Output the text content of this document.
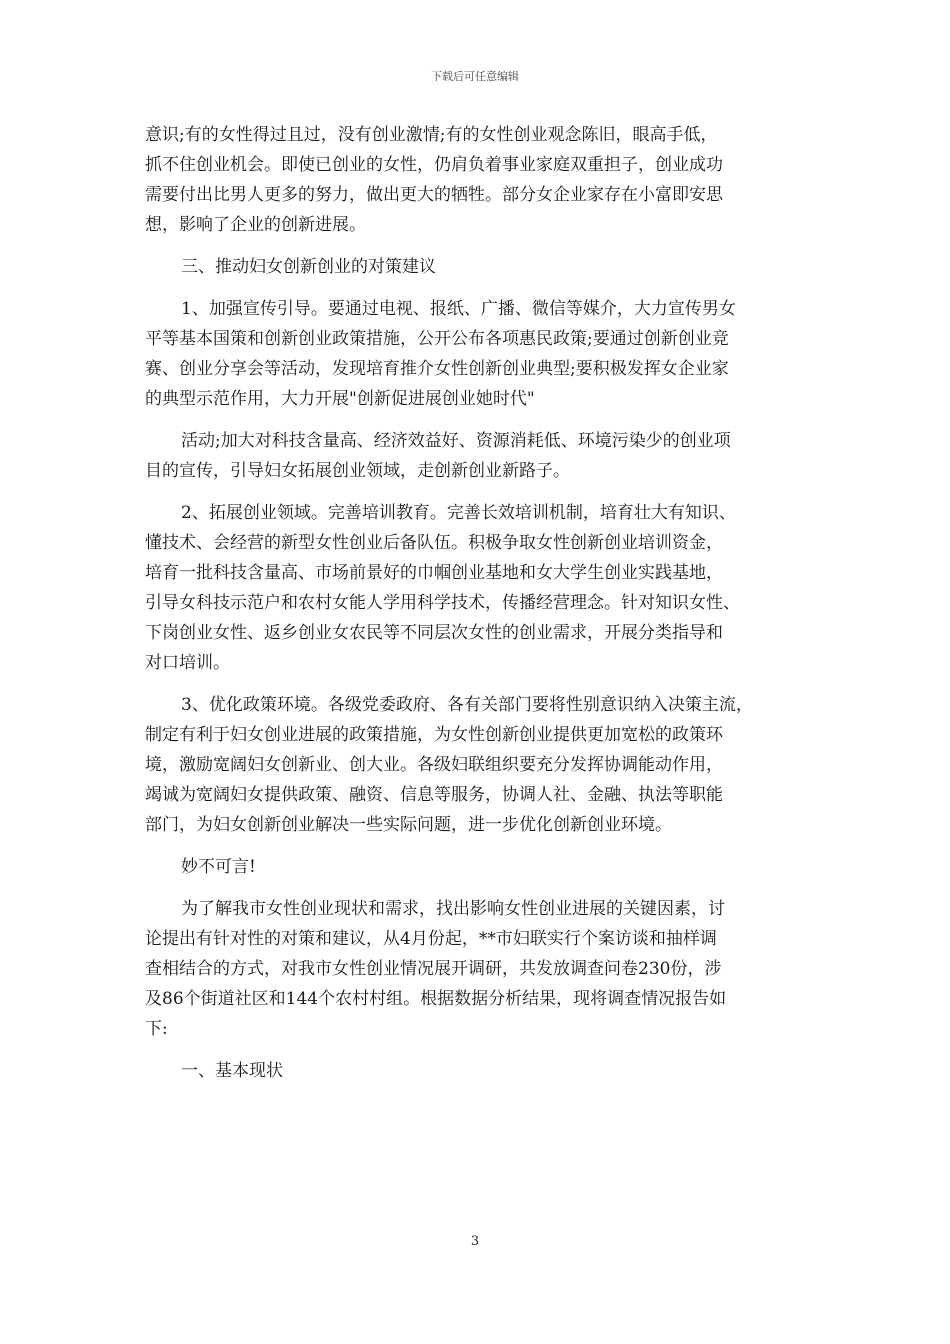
下载后可任意编辑
意识;有的女性得过且过，没有创业激情;有的女性创业观念陈旧，眼高手低，
抓不住创业机会。即使已创业的女性，仍肩负着事业家庭双重担子，创业成功
需要付出比男人更多的努力，做出更大的牺牲。部分女企业家存在小富即安思
想，影响了企业的创新进展。
三、推动妇女创新创业的对策建议
1、加强宣传引导。要通过电视、报纸、广播、微信等媒介，大力宣传男女
平等基本国策和创新创业政策措施，公开公布各项惠民政策;要通过创新创业竞
赛、创业分享会等活动，发现培育推介女性创新创业典型;要积极发挥女企业家
的典型示范作用，大力开展"创新促进展创业她时代"
活动;加大对科技含量高、经济效益好、资源消耗低、环境污染少的创业项
目的宣传，引导妇女拓展创业领域，走创新创业新路子。
2、拓展创业领域。完善培训教育。完善长效培训机制，培育壮大有知识、
懂技术、会经营的新型女性创业后备队伍。积极争取女性创新创业培训资金，
培育一批科技含量高、市场前景好的巾帼创业基地和女大学生创业实践基地，
引导女科技示范户和农村女能人学用科学技术，传播经营理念。针对知识女性、
下岗创业女性、返乡创业女农民等不同层次女性的创业需求，开展分类指导和
对口培训。
3、优化政策环境。各级党委政府、各有关部门要将性别意识纳入决策主流，
制定有利于妇女创业进展的政策措施，为女性创新创业提供更加宽松的政策环
境，激励宽阔妇女创新业、创大业。各级妇联组织要充分发挥协调能动作用，
竭诚为宽阔妇女提供政策、融资、信息等服务，协调人社、金融、执法等职能
部门，为妇女创新创业解决一些实际问题，进一步优化创新创业环境。
妙不可言!
为了解我市女性创业现状和需求，找出影响女性创业进展的关键因素，讨
论提出有针对性的对策和建议，从4月份起，**市妇联实行个案访谈和抽样调
查相结合的方式，对我市女性创业情况展开调研，共发放调查问卷230份，涉
及86个街道社区和144个农村村组。根据数据分析结果，现将调查情况报告如
下:
一、基本现状
3
